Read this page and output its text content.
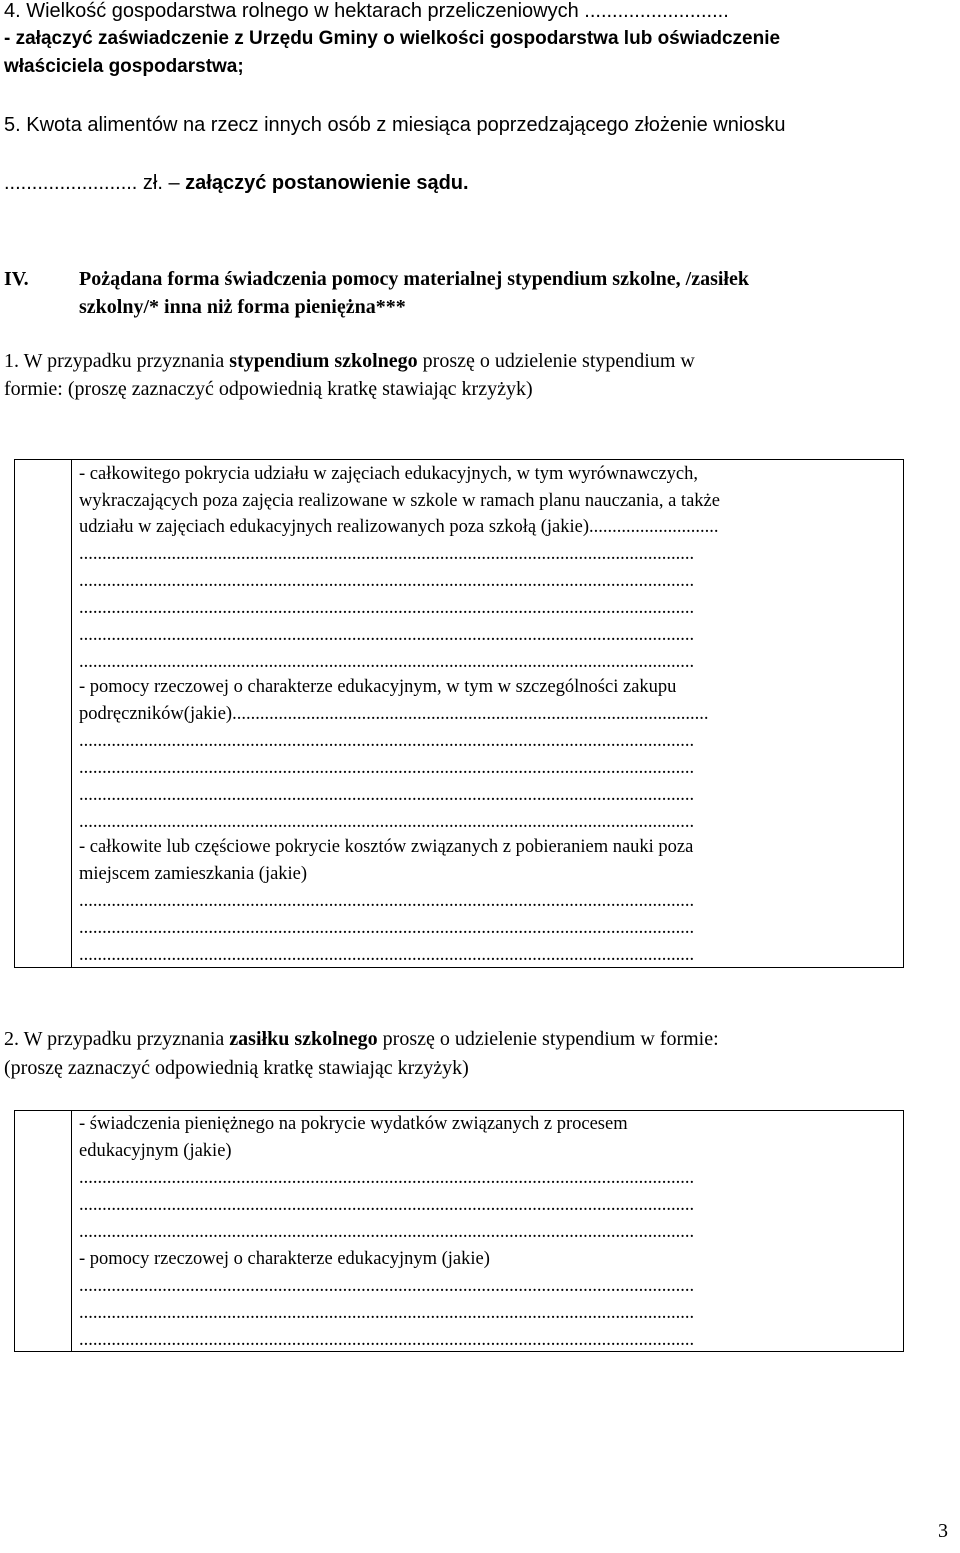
4. Wielkość gospodarstwa rolnego w hektarach przeliczeniowych ..........................
- załączyć zaświadczenie z Urzędu Gminy o wielkości gospodarstwa lub oświadczenie
właściciela gospodarstwa;
5. Kwota alimentów na rzecz innych osób z miesiąca poprzedzającego złożenie wniosku
........................ zł. – załączyć postanowienie sądu.
IV.	Pożądana forma świadczenia pomocy materialnej stypendium szkolne, /zasiłek
szkolny/* inna niż forma pieniężna***
1. W przypadku przyznania stypendium szkolnego proszę o udzielenie stypendium w
formie: (proszę zaznaczyć odpowiednią kratkę stawiając krzyżyk)

- całkowitego pokrycia udziału w zajęciach edukacyjnych, w tym wyrównawczych,
wykraczających poza zajęcia realizowane w szkole w ramach planu nauczania, a także
udziału w zajęciach edukacyjnych realizowanych poza szkołą (jakie)............................
.....................................................................................................................................
.....................................................................................................................................
.....................................................................................................................................
.....................................................................................................................................
.....................................................................................................................................
- pomocy rzeczowej o charakterze edukacyjnym, w tym w szczególności zakupu
podręczników(jakie).......................................................................................................
.....................................................................................................................................
.....................................................................................................................................
.....................................................................................................................................
.....................................................................................................................................
- całkowite lub częściowe pokrycie kosztów związanych z pobieraniem nauki poza
miejscem zamieszkania (jakie)
.....................................................................................................................................
.....................................................................................................................................
.....................................................................................................................................
2. W przypadku przyznania zasiłku szkolnego proszę o udzielenie stypendium w formie:
(proszę zaznaczyć odpowiednią kratkę stawiając krzyżyk)

- świadczenia pieniężnego na pokrycie wydatków związanych z procesem
edukacyjnym (jakie)
.....................................................................................................................................
.....................................................................................................................................
.....................................................................................................................................
- pomocy rzeczowej o charakterze edukacyjnym (jakie)
.....................................................................................................................................
.....................................................................................................................................
.....................................................................................................................................
3
